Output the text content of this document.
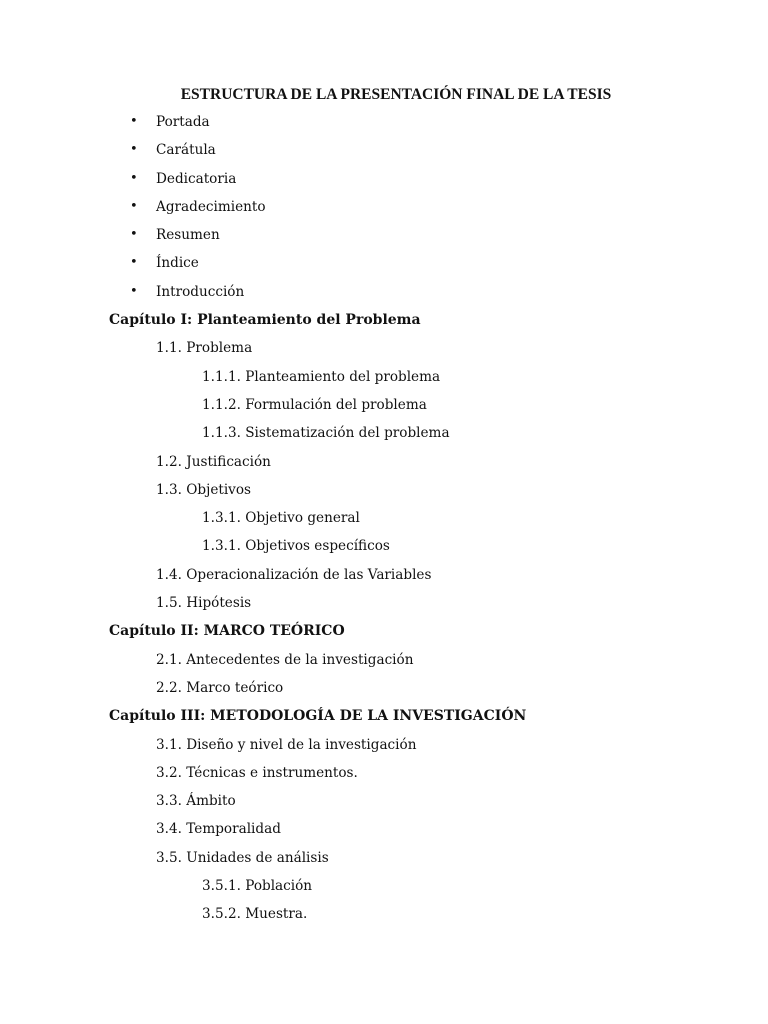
ESTRUCTURA DE LA PRESENTACIÓN FINAL DE LA TESIS
• Portada
• Carátula
• Dedicatoria
• Agradecimiento
• Resumen
• Índice
• Introducción
Capítulo I: Planteamiento del Problema
1.1. Problema
1.1.1. Planteamiento del problema
1.1.2. Formulación del problema
1.1.3. Sistematización del problema
1.2. Justificación
1.3. Objetivos
1.3.1. Objetivo general
1.3.1. Objetivos específicos
1.4. Operacionalización de las Variables
1.5. Hipótesis
Capítulo II: MARCO TEÓRICO
2.1. Antecedentes de la investigación
2.2. Marco teórico
Capítulo III: METODOLOGÍA DE LA INVESTIGACIÓN
3.1. Diseño y nivel de la investigación
3.2. Técnicas e instrumentos.
3.3. Ámbito
3.4. Temporalidad
3.5. Unidades de análisis
3.5.1. Población
3.5.2. Muestra.
